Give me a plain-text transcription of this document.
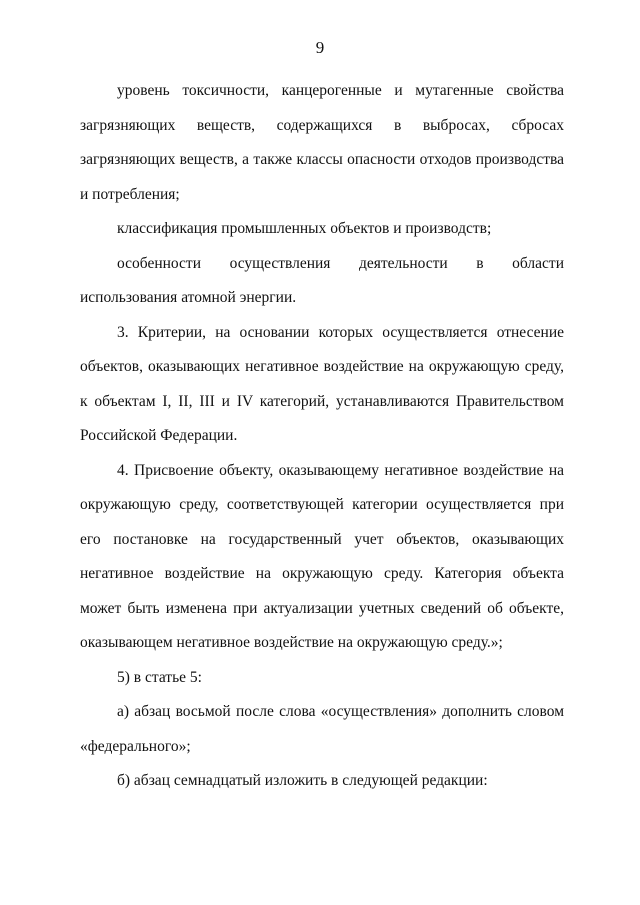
9

уровень токсичности, канцерогенные и мутагенные свойства загрязняющих веществ, содержащихся в выбросах, сбросах загрязняющих веществ, а также классы опасности отходов производства и потребления;

классификация промышленных объектов и производств;

особенности осуществления деятельности в области использования атомной энергии.

3. Критерии, на основании которых осуществляется отнесение объектов, оказывающих негативное воздействие на окружающую среду, к объектам I, II, III и IV категорий, устанавливаются Правительством Российской Федерации.

4. Присвоение объекту, оказывающему негативное воздействие на окружающую среду, соответствующей категории осуществляется при его постановке на государственный учет объектов, оказывающих негативное воздействие на окружающую среду. Категория объекта может быть изменена при актуализации учетных сведений об объекте, оказывающем негативное воздействие на окружающую среду.»;

5) в статье 5:

а) абзац восьмой после слова «осуществления» дополнить словом «федерального»;

б) абзац семнадцатый изложить в следующей редакции:
